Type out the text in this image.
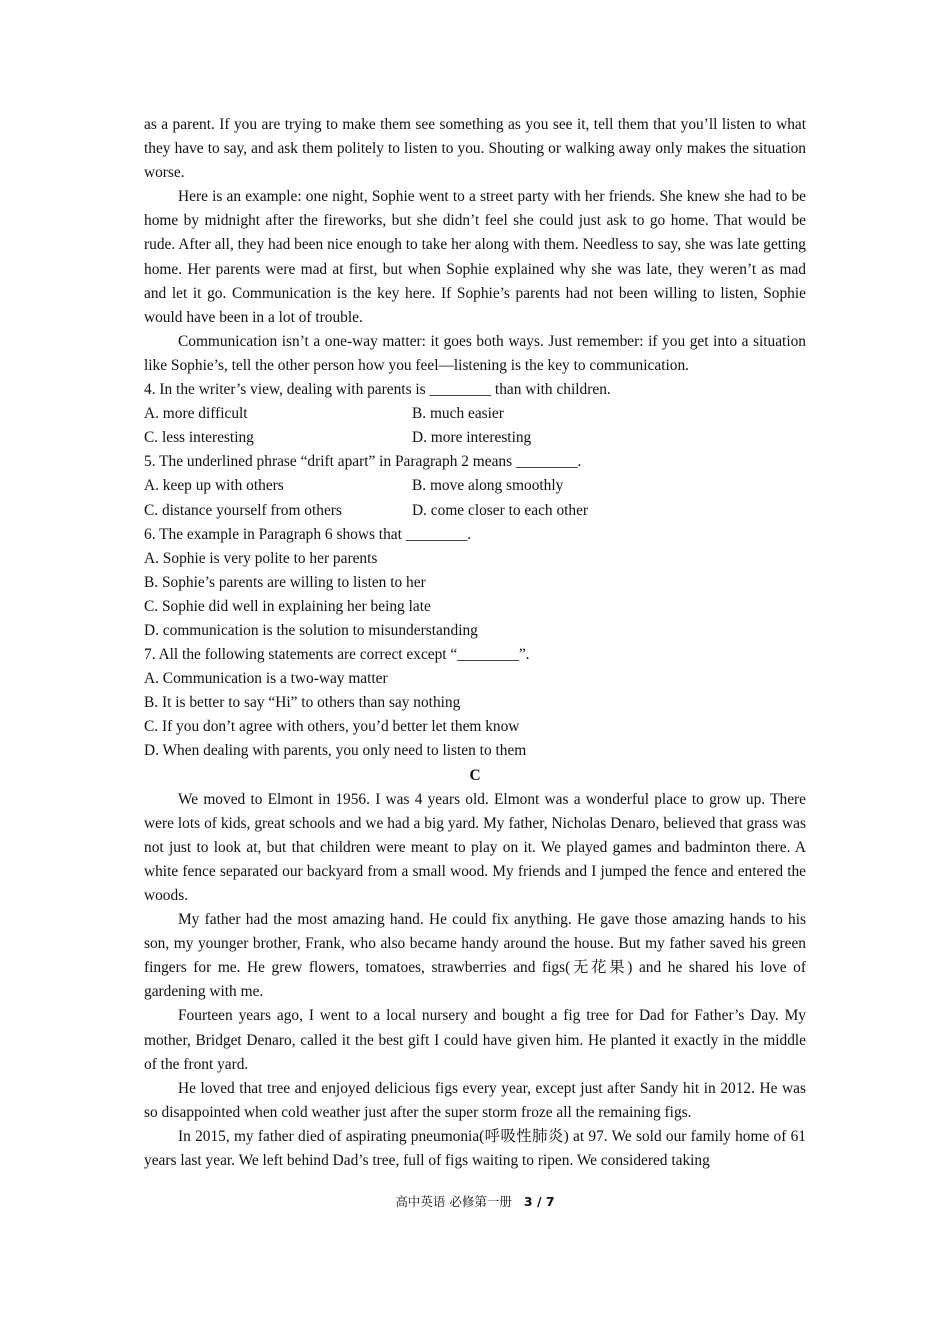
as a parent. If you are trying to make them see something as you see it, tell them that you’ll listen to what they have to say, and ask them politely to listen to you. Shouting or walking away only makes the situation worse.

Here is an example: one night, Sophie went to a street party with her friends. She knew she had to be home by midnight after the fireworks, but she didn’t feel she could just ask to go home. That would be rude. After all, they had been nice enough to take her along with them. Needless to say, she was late getting home. Her parents were mad at first, but when Sophie explained why she was late, they weren’t as mad and let it go. Communication is the key here. If Sophie’s parents had not been willing to listen, Sophie would have been in a lot of trouble.

Communication isn’t a one-way matter: it goes both ways. Just remember: if you get into a situation like Sophie’s, tell the other person how you feel—listening is the key to communication.

4. In the writer’s view, dealing with parents is ________ than with children.
A. more difficult	B. much easier
C. less interesting	D. more interesting
5. The underlined phrase “drift apart” in Paragraph 2 means ________.
A. keep up with others	B. move along smoothly
C. distance yourself from others	D. come closer to each other
6. The example in Paragraph 6 shows that ________.
A. Sophie is very polite to her parents
B. Sophie’s parents are willing to listen to her
C. Sophie did well in explaining her being late
D. communication is the solution to misunderstanding
7. All the following statements are correct except “________”.
A. Communication is a two-way matter
B. It is better to say “Hi” to others than say nothing
C. If you don’t agree with others, you’d better let them know
D. When dealing with parents, you only need to listen to them
C

We moved to Elmont in 1956. I was 4 years old. Elmont was a wonderful place to grow up. There were lots of kids, great schools and we had a big yard. My father, Nicholas Denaro, believed that grass was not just to look at, but that children were meant to play on it. We played games and badminton there. A white fence separated our backyard from a small wood. My friends and I jumped the fence and entered the woods.

My father had the most amazing hand. He could fix anything. He gave those amazing hands to his son, my younger brother, Frank, who also became handy around the house. But my father saved his green fingers for me. He grew flowers, tomatoes, strawberries and figs(无花果) and he shared his love of gardening with me.

Fourteen years ago, I went to a local nursery and bought a fig tree for Dad for Father’s Day. My mother, Bridget Denaro, called it the best gift I could have given him. He planted it exactly in the middle of the front yard.

He loved that tree and enjoyed delicious figs every year, except just after Sandy hit in 2012. He was so disappointed when cold weather just after the super storm froze all the remaining figs.

In 2015, my father died of aspirating pneumonia(呼吸性肺炎) at 97. We sold our family home of 61 years last year. We left behind Dad’s tree, full of figs waiting to ripen. We considered taking

高中英语 必修第一册 3 / 7
